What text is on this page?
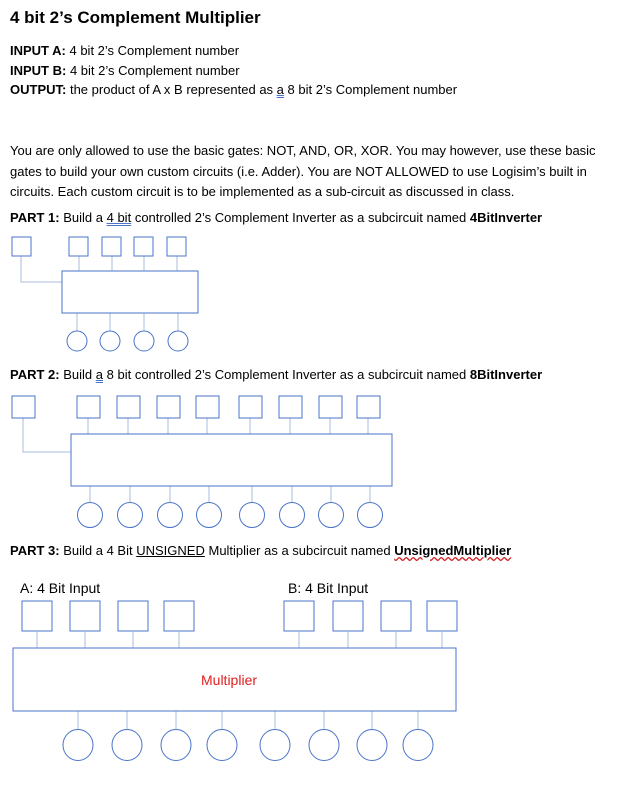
4 bit 2’s Complement Multiplier
INPUT A: 4 bit 2’s Complement number
INPUT B: 4 bit 2’s Complement number
OUTPUT: the product of A x B represented as a 8 bit 2’s Complement number
You are only allowed to use the basic gates: NOT, AND, OR, XOR. You may however, use these basic gates to build your own custom circuits (i.e. Adder). You are NOT ALLOWED to use Logisim’s built in circuits. Each custom circuit is to be implemented as a sub-circuit as discussed in class.
PART 1: Build a 4 bit controlled 2’s Complement Inverter as a subcircuit named 4BitInverter
PART 2: Build a 8 bit controlled 2’s Complement Inverter as a subcircuit named 8BitInverter
PART 3: Build a 4 Bit UNSIGNED Multiplier as a subcircuit named UnsignedMultiplier
A: 4 Bit Input	B: 4 Bit Input
Multiplier
